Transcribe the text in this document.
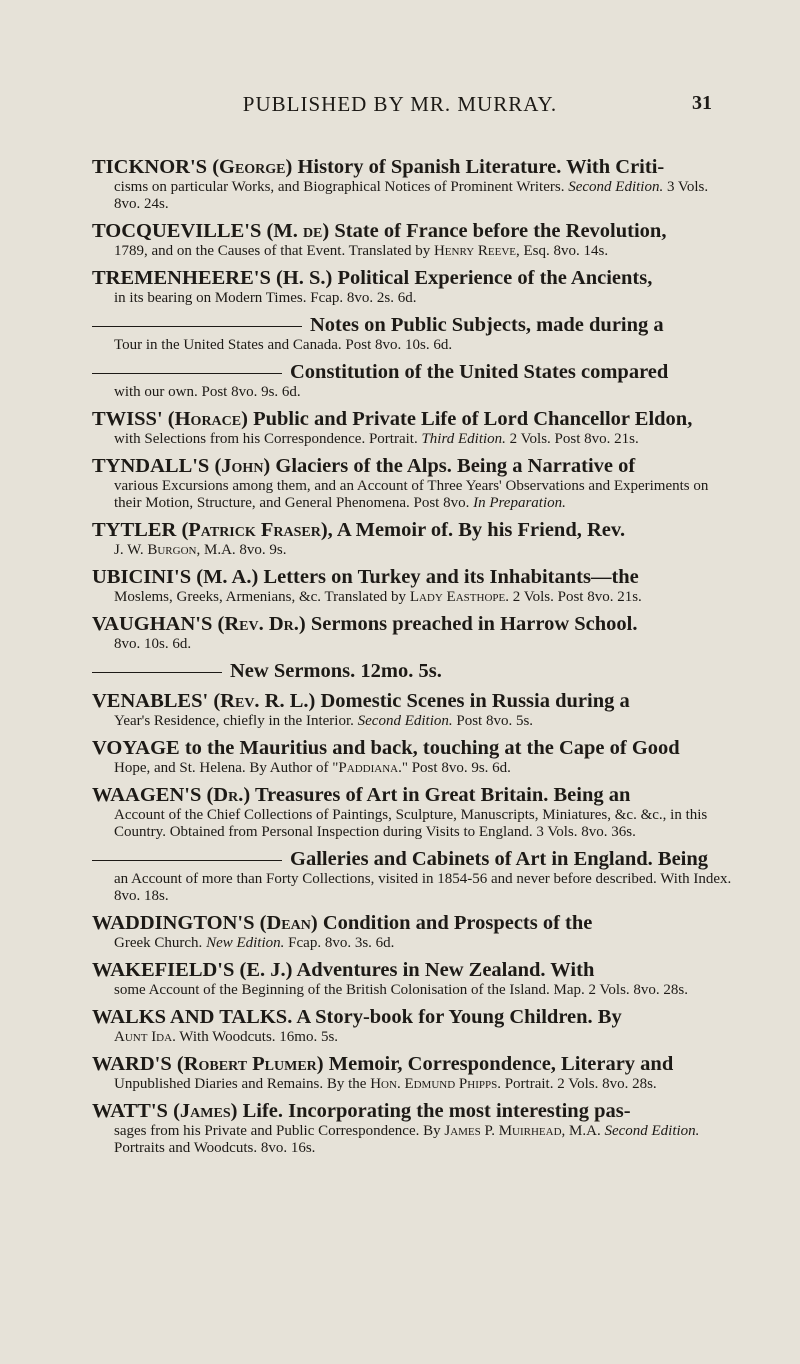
PUBLISHED BY MR. MURRAY.	31

TICKNOR'S (George) History of Spanish Literature. With Criti-

cisms on particular Works, and Biographical Notices of Prominent Writers. Second Edition. 3 Vols. 8vo. 24s.

TOCQUEVILLE'S (M. de) State of France before the Revolution,

1789, and on the Causes of that Event. Translated by Henry Reeve, Esq. 8vo. 14s.

TREMENHEERE'S (H. S.) Political Experience of the Ancients,

in its bearing on Modern Times. Fcap. 8vo. 2s. 6d.

Notes on Public Subjects, made during a

Tour in the United States and Canada. Post 8vo. 10s. 6d.

Constitution of the United States compared

with our own. Post 8vo. 9s. 6d.

TWISS' (Horace) Public and Private Life of Lord Chancellor Eldon,

with Selections from his Correspondence. Portrait. Third Edition. 2 Vols. Post 8vo. 21s.

TYNDALL'S (John) Glaciers of the Alps. Being a Narrative of

various Excursions among them, and an Account of Three Years' Observations and Experiments on their Motion, Structure, and General Phenomena. Post 8vo. In Preparation.

TYTLER (Patrick Fraser), A Memoir of. By his Friend, Rev.

J. W. Burgon, M.A. 8vo. 9s.

UBICINI'S (M. A.) Letters on Turkey and its Inhabitants—the

Moslems, Greeks, Armenians, &c. Translated by Lady Easthope. 2 Vols. Post 8vo. 21s.

VAUGHAN'S (Rev. Dr.) Sermons preached in Harrow School.

8vo. 10s. 6d.

New Sermons. 12mo. 5s.

VENABLES' (Rev. R. L.) Domestic Scenes in Russia during a

Year's Residence, chiefly in the Interior. Second Edition. Post 8vo. 5s.

VOYAGE to the Mauritius and back, touching at the Cape of Good

Hope, and St. Helena. By Author of "Paddiana." Post 8vo. 9s. 6d.

WAAGEN'S (Dr.) Treasures of Art in Great Britain. Being an

Account of the Chief Collections of Paintings, Sculpture, Manuscripts, Miniatures, &c. &c., in this Country. Obtained from Personal Inspection during Visits to England. 3 Vols. 8vo. 36s.

Galleries and Cabinets of Art in England. Being

an Account of more than Forty Collections, visited in 1854-56 and never before described. With Index. 8vo. 18s.

WADDINGTON'S (Dean) Condition and Prospects of the

Greek Church. New Edition. Fcap. 8vo. 3s. 6d.

WAKEFIELD'S (E. J.) Adventures in New Zealand. With

some Account of the Beginning of the British Colonisation of the Island. Map. 2 Vols. 8vo. 28s.

WALKS AND TALKS. A Story-book for Young Children. By

Aunt Ida. With Woodcuts. 16mo. 5s.

WARD'S (Robert Plumer) Memoir, Correspondence, Literary and

Unpublished Diaries and Remains. By the Hon. Edmund Phipps. Portrait. 2 Vols. 8vo. 28s.

WATT'S (James) Life. Incorporating the most interesting pas-

sages from his Private and Public Correspondence. By James P. Muirhead, M.A. Second Edition. Portraits and Woodcuts. 8vo. 16s.
